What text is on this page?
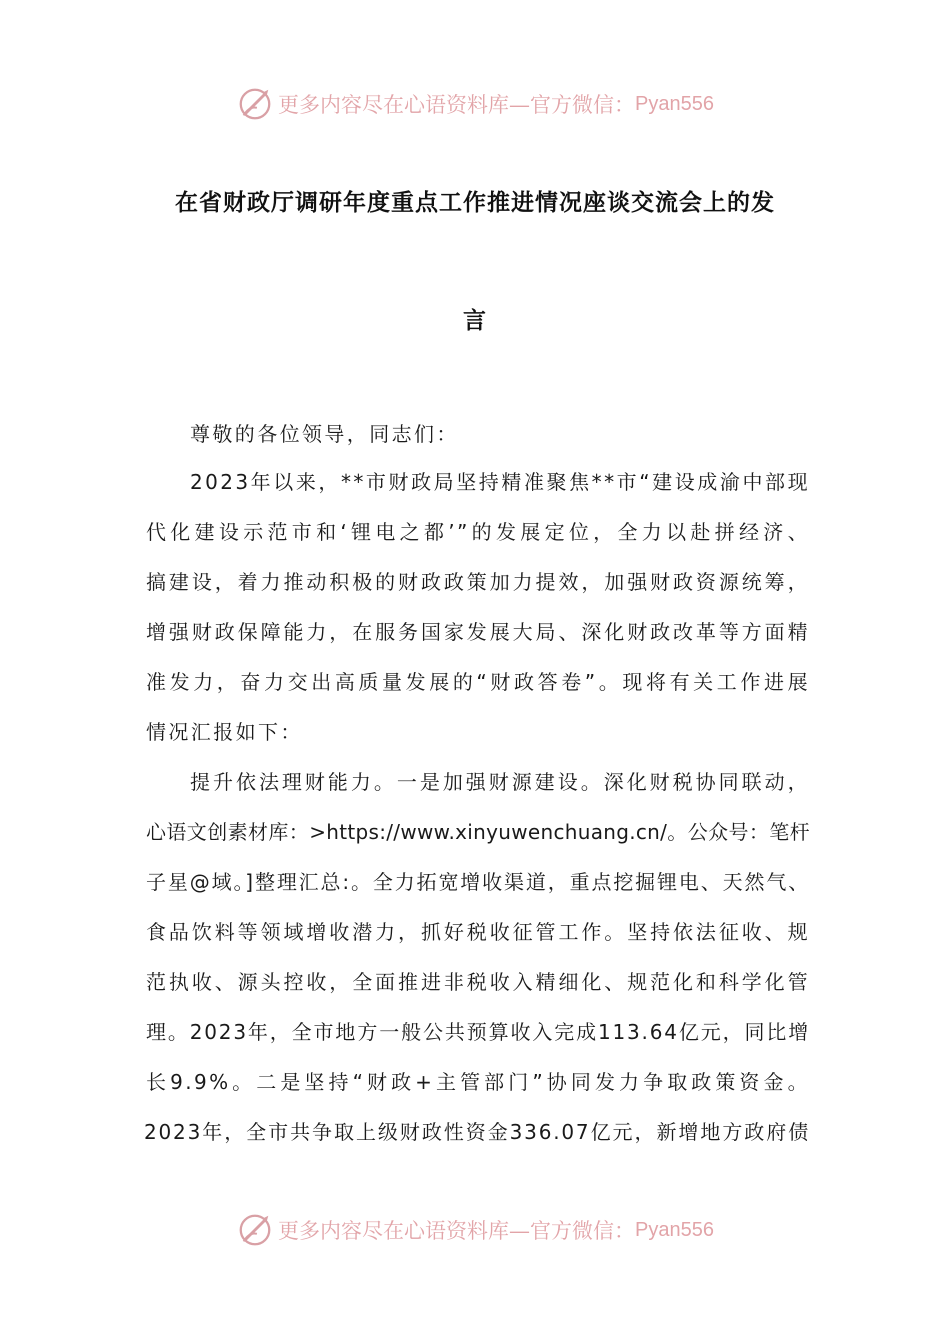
更多内容尽在心语资料库—官方微信： Pyan556
在省财政厅调研年度重点工作推进情况座谈交流会上的发
言
尊敬的各位领导，同志们：
2023年以来，**市财政局坚持精准聚焦**市“建设成渝中部现
代化建设示范市和‘锂电之都’”的发展定位，全力以赴拼经济、
搞建设，着力推动积极的财政政策加力提效，加强财政资源统筹，
增强财政保障能力，在服务国家发展大局、深化财政改革等方面精
准发力，奋力交出高质量发展的“财政答卷”。现将有关工作进展
情况汇报如下：
提升依法理财能力。一是加强财源建设。深化财税协同联动，
心语文创素材库：>https://www.xinyuwenchuang.cn/。公众号：笔杆
子星@域。]整理汇总:。全力拓宽增收渠道，重点挖掘锂电、天然气、
食品饮料等领域增收潜力，抓好税收征管工作。坚持依法征收、规
范执收、源头控收，全面推进非税收入精细化、规范化和科学化管
理。2023年，全市地方一般公共预算收入完成113.64亿元，同比增
长9.9%。二是坚持“财政+主管部门”协同发力争取政策资金。
2023年，全市共争取上级财政性资金336.07亿元，新增地方政府债
更多内容尽在心语资料库—官方微信： Pyan556
